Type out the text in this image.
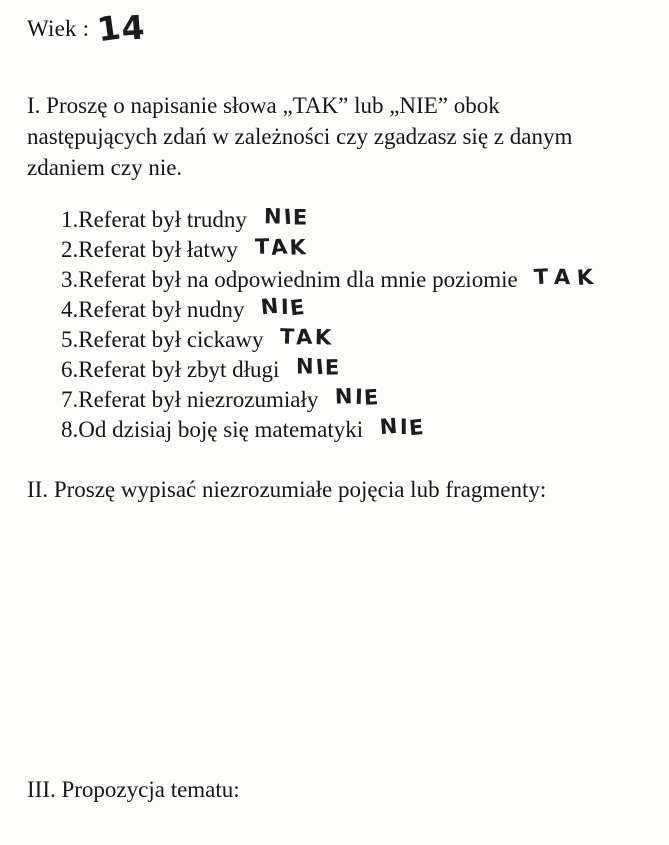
Wiek : 14
I. Proszę o napisanie słowa „TAK” lub „NIE” obok
następujących zdań w zależności czy zgadzasz się z danym
zdaniem czy nie.
1.Referat był trudny NIE
2.Referat był łatwy TAK
3.Referat był na odpowiednim dla mnie poziomie TAK
4.Referat był nudny NIE
5.Referat był cickawy TAK
6.Referat był zbyt długi NIE
7.Referat był niezrozumiały NIE
8.Od dzisiaj boję się matematyki NIE
II. Proszę wypisać niezrozumiałe pojęcia lub fragmenty:
III. Propozycja tematu:
